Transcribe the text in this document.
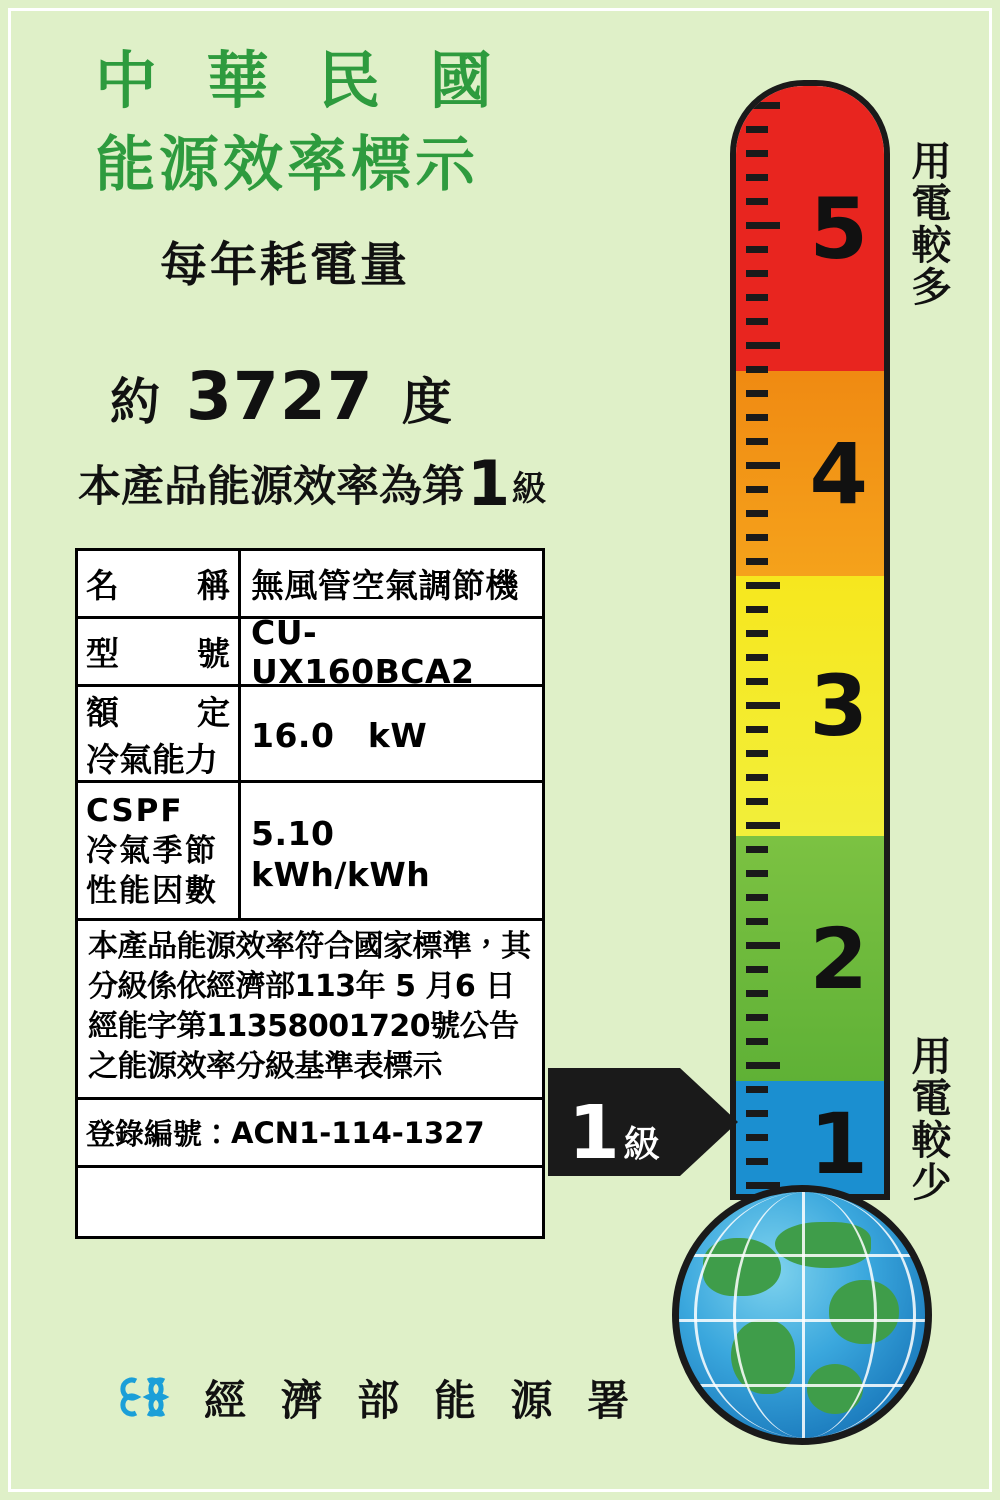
中 華 民 國
能源效率標示
每年耗電量
約 3727 度
本產品能源效率為第 1 級
名 稱 無風管空氣調節機
型 號
CU-UX160BCA2
額 定
冷氣能力
16.0　kW
CSPF
冷氣季節
性能因數
5.10　kWh/kWh
本產品能源效率符合國家標準，其分級係依經濟部113年 5 月6 日經能字第11358001720號公告之能源效率分級基準表標示
登錄編號： ACN1-114-1327
經 濟 部 能 源 署
5
4
3
2
1
用電較多
用電較少
1 級
